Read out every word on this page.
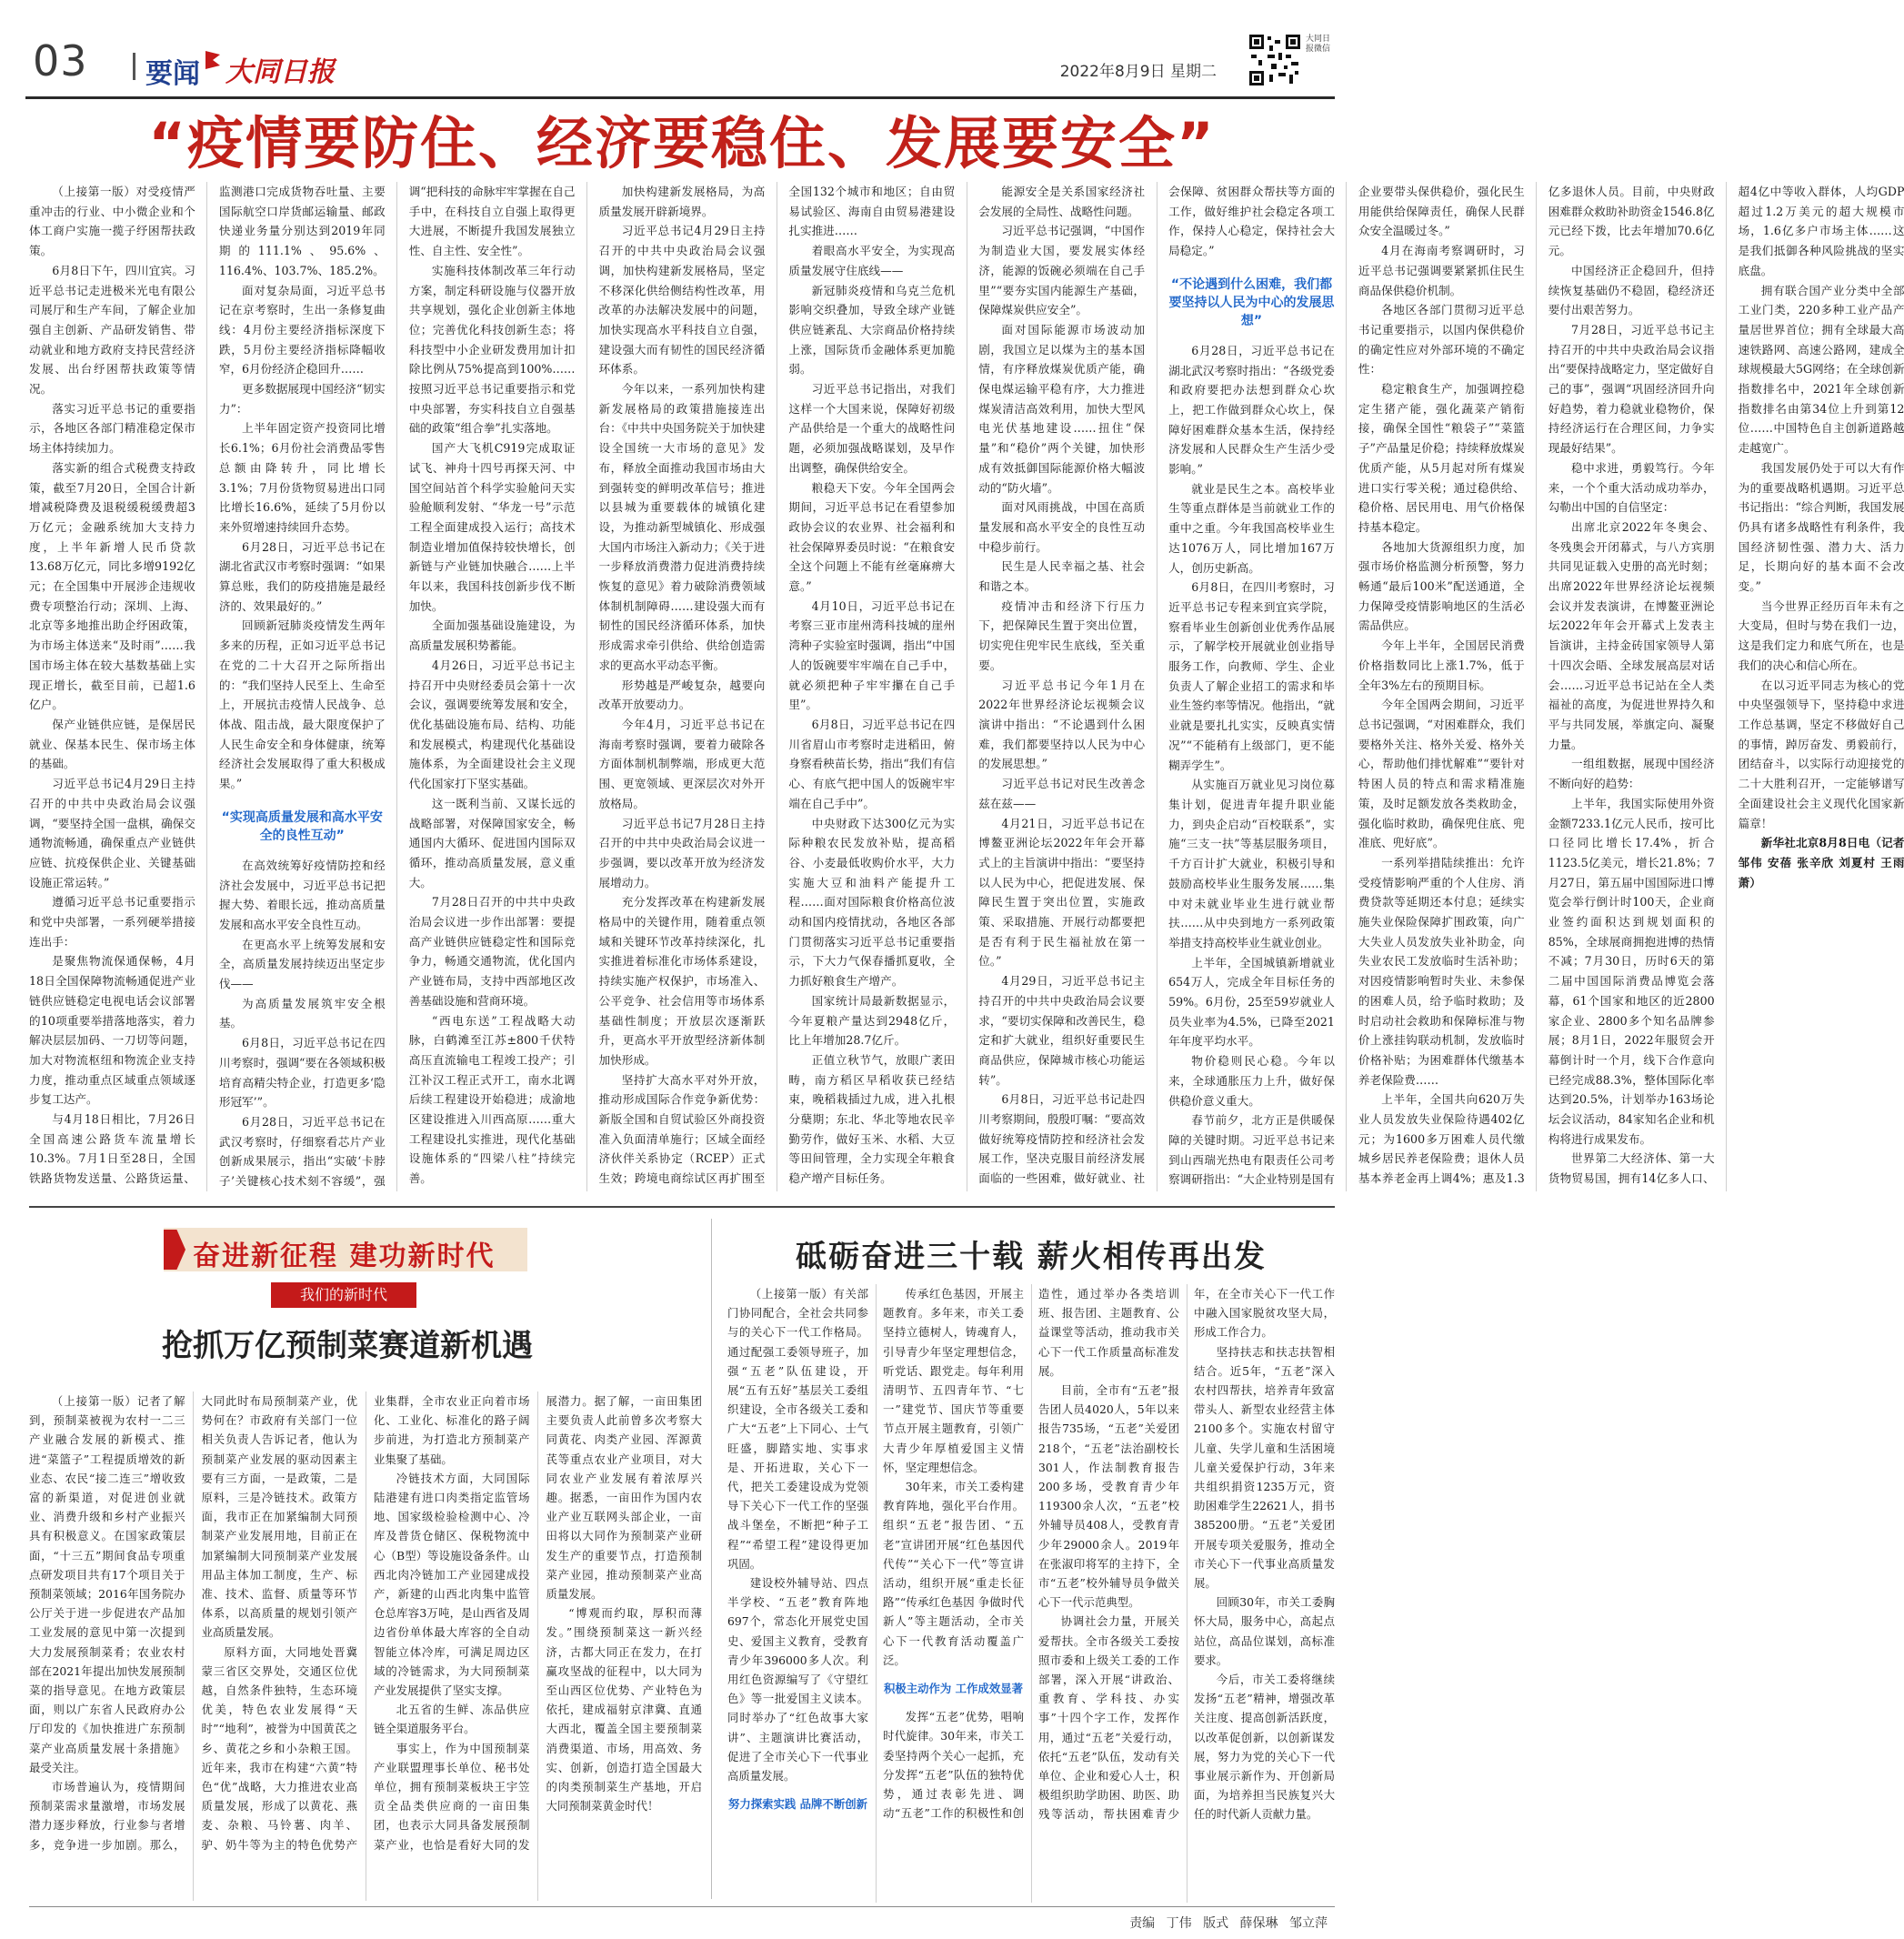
03 要闻 大同日报	2022年8月9日 星期二
大同日报微信
“疫情要防住、经济要稳住、发展要安全”

（上接第一版）对受疫情严重冲击的行业、中小微企业和个体工商户实施一揽子纾困帮扶政策。

6月8日下午，四川宜宾。习近平总书记走进极米光电有限公司展厅和生产车间，了解企业加强自主创新、产品研发销售、带动就业和地方政府支持民营经济发展、出台纾困帮扶政策等情况。

落实习近平总书记的重要指示，各地区各部门精准稳定保市场主体持续加力。

落实新的组合式税费支持政策，截至7月20日，全国合计新增减税降费及退税缓税缓费超3万亿元；金融系统加大支持力度，上半年新增人民币贷款13.68万亿元，同比多增9192亿元；在全国集中开展涉企违规收费专项整治行动；深圳、上海、北京等多地推出助企纾困政策，为市场主体送来“及时雨”……我国市场主体在较大基数基础上实现正增长，截至目前，已超1.6亿户。

保产业链供应链，是保居民就业、保基本民生、保市场主体的基础。

习近平总书记4月29日主持召开的中共中央政治局会议强调，“要坚持全国一盘棋，确保交通物流畅通，确保重点产业链供应链、抗疫保供企业、关键基础设施正常运转。”

遵循习近平总书记重要指示和党中央部署，一系列硬举措接连出手：

是聚焦物流保通保畅，4月18日全国保障物流畅通促进产业链供应链稳定电视电话会议部署的10项重要举措落地落实，着力解决层层加码、一刀切等问题，加大对物流枢纽和物流企业支持力度，推动重点区域重点领域逐步复工达产。

与4月18日相比，7月26日全国高速公路货车流量增长10.3%。7月1日至28日，全国铁路货物发送量、公路货运量、监测港口完成货物吞吐量、主要国际航空口岸货邮运输量、邮政快递业务量分别达到2019年同期的111.1%、95.6%、116.4%、103.7%、185.2%。

面对复杂局面，习近平总书记在京考察时，生出一条修复曲线：4月份主要经济指标深度下跌，5月份主要经济指标降幅收窄，6月份经济企稳回升……

更多数据展现中国经济“韧实力”：

上半年固定资产投资同比增长6.1%；6月份社会消费品零售总额由降转升，同比增长3.1%；7月份货物贸易进出口同比增长16.6%，延续了5月份以来外贸增速持续回升态势。

6月28日，习近平总书记在湖北省武汉市考察时强调：“如果算总账，我们的防疫措施是最经济的、效果最好的。”

回顾新冠肺炎疫情发生两年多来的历程，正如习近平总书记在党的二十大召开之际所指出的：“我们坚持人民至上、生命至上，开展抗击疫情人民战争、总体战、阻击战，最大限度保护了人民生命安全和身体健康，统筹经济社会发展取得了重大积极成果。”

“实现高质量发展和高水平安全的良性互动”

在高效统筹好疫情防控和经济社会发展中，习近平总书记把握大势、着眼长远，推动高质量发展和高水平安全良性互动。

在更高水平上统筹发展和安全，高质量发展持续迈出坚定步伐——

为高质量发展筑牢安全根基。

6月8日，习近平总书记在四川考察时，强调“要在各领域积极培育高精尖特企业，打造更多‘隐形冠军’”。

6月28日，习近平总书记在武汉考察时，仔细察看芯片产业创新成果展示，指出“实破‘卡脖子’关键核心技术刻不容缓”，强调“把科技的命脉牢牢掌握在自己手中，在科技自立自强上取得更大进展，不断提升我国发展独立性、自主性、安全性”。

实施科技体制改革三年行动方案，制定科研设施与仪器开放共享规划，强化企业创新主体地位；完善优化科技创新生态；将科技型中小企业研发费用加计扣除比例从75%提高到100%……按照习近平总书记重要指示和党中央部署，夯实科技自立自强基础的政策“组合拳”扎实落地。

国产大飞机C919完成取证试飞、神舟十四号再探天河、中国空间站首个科学实验舱问天实验舱顺利发射、“华龙一号”示范工程全面建成投入运行；高技术制造业增加值保持较快增长，创新链与产业链加快融合……上半年以来，我国科技创新步伐不断加快。

全面加强基础设施建设，为高质量发展积势蓄能。

4月26日，习近平总书记主持召开中央财经委员会第十一次会议，强调要统筹发展和安全，优化基础设施布局、结构、功能和发展模式，构建现代化基础设施体系，为全面建设社会主义现代化国家打下坚实基础。

这一既利当前、又谋长远的战略部署，对保障国家安全，畅通国内大循环、促进国内国际双循环，推动高质量发展，意义重大。

7月28日召开的中共中央政治局会议进一步作出部署：要提高产业链供应链稳定性和国际竞争力，畅通交通物流，优化国内产业链布局，支持中西部地区改善基础设施和营商环境。

“西电东送”工程战略大动脉，白鹤滩至江苏±800千伏特高压直流输电工程竣工投产；引江补汉工程正式开工，南水北调后续工程建设开始稳进；成渝地区建设推进入川西高原……重大工程建设扎实推进，现代化基础设施体系的“四梁八柱”持续完善。

加快构建新发展格局，为高质量发展开辟新境界。

习近平总书记4月29日主持召开的中共中央政治局会议强调，加快构建新发展格局，坚定不移深化供给侧结构性改革，用改革的办法解决发展中的问题，加快实现高水平科技自立自强，建设强大而有韧性的国民经济循环体系。

今年以来，一系列加快构建新发展格局的政策措施接连出台：《中共中央国务院关于加快建设全国统一大市场的意见》发布，释放全面推动我国市场由大到强转变的鲜明改革信号；推进以县城为重要载体的城镇化建设，为推动新型城镇化、形成强大国内市场注入新动力；《关于进一步释放消费潜力促进消费持续恢复的意见》着力破除消费领域体制机制障碍……建设强大而有韧性的国民经济循环体系，加快形成需求牵引供给、供给创造需求的更高水平动态平衡。

形势越是严峻复杂，越要向改革开放要动力。

今年4月，习近平总书记在海南考察时强调，要着力破除各方面体制机制弊端，形成更大范围、更宽领域、更深层次对外开放格局。

习近平总书记7月28日主持召开的中共中央政治局会议进一步强调，要以改革开放为经济发展增动力。

充分发挥改革在构建新发展格局中的关键作用，随着重点领域和关键环节改革持续深化，扎实推进着标准化市场体系建设，持续实施产权保护，市场准入、公平竞争、社会信用等市场体系基础性制度；开放层次逐渐跃升，更高水平开放型经济新体制加快形成。

坚持扩大高水平对外开放，推动形成国际合作竞争新优势：新版全国和自贸试验区外商投资准入负面清单施行；区域全面经济伙伴关系协定（RCEP）正式生效；跨境电商综试区再扩围至全国132个城市和地区；自由贸易试验区、海南自由贸易港建设扎实推进……

着眼高水平安全，为实现高质量发展守住底线——

新冠肺炎疫情和乌克兰危机影响交织叠加，导致全球产业链供应链紊乱、大宗商品价格持续上涨，国际货币金融体系更加脆弱。

习近平总书记指出，对我们这样一个大国来说，保障好初级产品供给是一个重大的战略性问题，必须加强战略谋划，及早作出调整，确保供给安全。

粮稳天下安。今年全国两会期间，习近平总书记在看望参加政协会议的农业界、社会福利和社会保障界委员时说：“在粮食安全这个问题上不能有丝毫麻痹大意。”

4月10日，习近平总书记在考察三亚市崖州湾科技城的崖州湾种子实验室时强调，指出“中国人的饭碗要牢牢端在自己手中，就必须把种子牢牢攥在自己手里”。

6月8日，习近平总书记在四川省眉山市考察时走进稻田，俯身察看秧苗长势，指出“我们有信心、有底气把中国人的饭碗牢牢端在自己手中”。

中央财政下达300亿元为实际种粮农民发放补贴，提高稻谷、小麦最低收购价水平，大力实施大豆和油料产能提升工程……面对国际粮食价格高位波动和国内疫情扰动，各地区各部门贯彻落实习近平总书记重要指示，下大力气保春播抓夏收，全力抓好粮食生产增产。

国家统计局最新数据显示，今年夏粮产量达到2948亿斤，比上年增加28.7亿斤。

正值立秋节气，放眼广袤田畴，南方稻区早稻收获已经结束，晚稻栽插过九成，进入扎根分蘖期；东北、华北等地农民辛勤劳作，做好玉米、水稻、大豆等田间管理，全力实现全年粮食稳产增产目标任务。

能源安全是关系国家经济社会发展的全局性、战略性问题。

习近平总书记强调，“中国作为制造业大国，要发展实体经济，能源的饭碗必须端在自己手里”“要夯实国内能源生产基础，保障煤炭供应安全”。

面对国际能源市场波动加剧，我国立足以煤为主的基本国情，有序释放煤炭优质产能，确保电煤运输平稳有序，大力推进煤炭清洁高效利用，加快大型风电光伏基地建设……扭住“保量”和“稳价”两个关键，加快形成有效抵御国际能源价格大幅波动的“防火墙”。

面对风雨挑战，中国在高质量发展和高水平安全的良性互动中稳步前行。

民生是人民幸福之基、社会和谐之本。

疫情冲击和经济下行压力下，把保障民生置于突出位置，切实兜住兜牢民生底线，至关重要。

习近平总书记今年1月在2022年世界经济论坛视频会议演讲中指出：“不论遇到什么困难，我们都要坚持以人民为中心的发展思想。”

习近平总书记对民生改善念兹在兹——

4月21日，习近平总书记在博鳌亚洲论坛2022年年会开幕式上的主旨演讲中指出：“要坚持以人民为中心，把促进发展、保障民生置于突出位置，实施政策、采取措施、开展行动都要把是否有利于民生福祉放在第一位。”

4月29日，习近平总书记主持召开的中共中央政治局会议要求，“要切实保障和改善民生，稳定和扩大就业，组织好重要民生商品供应，保障城市核心功能运转”。

6月8日，习近平总书记赴四川考察期间，殷殷叮嘱：“要高效做好统筹疫情防控和经济社会发展工作，坚决克服目前经济发展面临的一些困难，做好就业、社会保障、贫困群众帮扶等方面的工作，做好维护社会稳定各项工作，保持人心稳定，保持社会大局稳定。”

“不论遇到什么困难，我们都要坚持以人民为中心的发展思想”

6月28日，习近平总书记在湖北武汉考察时指出：“各级党委和政府要把办法想到群众心坎上，把工作做到群众心坎上，保障好困难群众基本生活，保持经济发展和人民群众生产生活少受影响。”

就业是民生之本。高校毕业生等重点群体是当前就业工作的重中之重。今年我国高校毕业生达1076万人，同比增加167万人，创历史新高。

6月8日，在四川考察时，习近平总书记专程来到宜宾学院，察看毕业生创新创业优秀作品展示，了解学校开展就业创业指导服务工作，向教师、学生、企业负责人了解企业招工的需求和毕业生签约率等情况。他指出，“就业就是要扎扎实实，反映真实情况”“不能稍有上级部门，更不能糊弄学生”。

从实施百万就业见习岗位募集计划，促进青年提升职业能力，到央企启动“百校联系”，实施“三支一扶”等基层服务项目，千方百计扩大就业，积极引导和鼓励高校毕业生服务发展……集中对未就业毕业生进行就业帮扶……从中央到地方一系列政策举措支持高校毕业生就业创业。

上半年，全国城镇新增就业654万人，完成全年目标任务的59%。6月份，25至59岁就业人员失业率为4.5%，已降至2021年年度平均水平。

物价稳则民心稳。今年以来，全球通胀压力上升，做好保供稳价意义重大。

春节前夕，北方正是供暖保障的关键时期。习近平总书记来到山西瑞光热电有限责任公司考察调研指出：“大企业特别是国有企业要带头保供稳价，强化民生用能供给保障责任，确保人民群众安全温暖过冬。”

4月在海南考察调研时，习近平总书记强调要紧紧抓住民生商品保供稳价机制。

各地区各部门贯彻习近平总书记重要指示，以国内保供稳价的确定性应对外部环境的不确定性：

稳定粮食生产，加强调控稳定生猪产能，强化蔬菜产销衔接，确保全国性“粮袋子”“菜篮子”产品量足价稳；持续释放煤炭优质产能，从5月起对所有煤炭进口实行零关税；通过稳供给、稳价格、居民用电、用气价格保持基本稳定。

各地加大货源组织力度，加强市场价格监测分析预警，努力畅通“最后100米”配送通道，全力保障受疫情影响地区的生活必需品供应。

今年上半年，全国居民消费价格指数同比上涨1.7%，低于全年3%左右的预期目标。

今年全国两会期间，习近平总书记强调，“对困难群众，我们要格外关注、格外关爱、格外关心，帮助他们排忧解难”“要针对特困人员的特点和需求精准施策，及时足额发放各类救助金，强化临时救助，确保兜住底、兜准底、兜好底”。

一系列举措陆续推出：允许受疫情影响严重的个人住房、消费贷款等延期还本付息；延续实施失业保险保障扩围政策，向广大失业人员发放失业补助金，向失业农民工发放临时生活补助；对因疫情影响暂时失业、未参保的困难人员，给予临时救助；及时启动社会救助和保障标准与物价上涨挂钩联动机制，发放临时价格补贴；为困难群体代缴基本养老保险费……

上半年，全国共向620万失业人员发放失业保险待遇402亿元；为1600多万困难人员代缴城乡居民养老保险费；退休人员基本养老金再上调4%；惠及1.3亿多退休人员。目前，中央财政困难群众救助补助资金1546.8亿元已经下拨，比去年增加70.6亿元。

中国经济正企稳回升，但持续恢复基础仍不稳固，稳经济还要付出艰苦努力。

7月28日，习近平总书记主持召开的中共中央政治局会议指出“要保持战略定力，坚定做好自己的事”，强调“巩固经济回升向好趋势，着力稳就业稳物价，保持经济运行在合理区间，力争实现最好结果”。

稳中求进，勇毅笃行。今年来，一个个重大活动成功举办，勾勒出中国的自信坚定：

出席北京2022年冬奥会、冬残奥会开闭幕式，与八方宾朋共同见证载入史册的高光时刻；出席2022年世界经济论坛视频会议并发表演讲，在博鳌亚洲论坛2022年年会开幕式上发表主旨演讲，主持金砖国家领导人第十四次会晤、全球发展高层对话会……习近平总书记站在全人类福祉的高度，为促进世界持久和平与共同发展，举旗定向、凝聚力量。

一组组数据，展现中国经济不断向好的趋势：

上半年，我国实际使用外资金额7233.1亿元人民币，按可比口径同比增长17.4%，折合1123.5亿美元，增长21.8%；7月27日，第五届中国国际进口博览会举行倒计时100天，企业商业签约面积达到规划面积的85%，全球展商拥抱进博的热情不减；7月30日，历时6天的第二届中国国际消费品博览会落幕，61个国家和地区的近2800家企业、2800多个知名品牌参展；8月1日，2022年服贸会开幕倒计时一个月，线下合作意向已经完成88.3%，整体国际化率达到20.5%，计划举办163场论坛会议活动，84家知名企业和机构将进行成果发布。

世界第二大经济体、第一大货物贸易国，拥有14亿多人口、超4亿中等收入群体，人均GDP超过1.2万美元的超大规模市场，1.6亿多户市场主体……这是我们抵御各种风险挑战的坚实底盘。

拥有联合国产业分类中全部工业门类，220多种工业产品产量居世界首位；拥有全球最大高速铁路网、高速公路网，建成全球规模最大5G网络；在全球创新指数排名中，2021年全球创新指数排名由第34位上升到第12位……中国特色自主创新道路越走越宽广。

我国发展仍处于可以大有作为的重要战略机遇期。习近平总书记指出：“综合判断，我国发展仍具有诸多战略性有利条件，我国经济韧性强、潜力大、活力足，长期向好的基本面不会改变。”

当今世界正经历百年未有之大变局，但时与势在我们一边，这是我们定力和底气所在，也是我们的决心和信心所在。

在以习近平同志为核心的党中央坚强领导下，坚持稳中求进工作总基调，坚定不移做好自己的事情，踔厉奋发、勇毅前行，团结奋斗，以实际行动迎接党的二十大胜利召开，一定能够谱写全面建设社会主义现代化国家新篇章！

新华社北京8月8日电（记者邹伟 安蓓 张辛欣 刘夏村 王雨萧）

奋进新征程 建功新时代
我们的新时代
抢抓万亿预制菜赛道新机遇

（上接第一版）记者了解到，预制菜被视为农村一二三产业融合发展的新模式、推进“菜篮子”工程提质增效的新业态、农民“接二连三”增收致富的新渠道，对促进创业就业、消费升级和乡村产业振兴具有积极意义。在国家政策层面，“十三五”期间食品专项重点研发项目共有17个项目关于预制菜领域；2016年国务院办公厅关于进一步促进农产品加工业发展的意见中第一次提到大力发展预制菜肴；农业农村部在2021年提出加快发展预制菜的指导意见。在地方政策层面，则以广东省人民政府办公厅印发的《加快推进广东预制菜产业高质量发展十条措施》最受关注。

市场普遍认为，疫情期间预制菜需求量激增，市场发展潜力逐步释放，行业参与者增多，竞争进一步加剧。那么，大同此时布局预制菜产业，优势何在？市政府有关部门一位相关负责人告诉记者，他认为预制菜产业发展的驱动因素主要有三方面，一是政策，二是原料，三是冷链技术。政策方面，我市正在加紧编制大同预制菜产业发展用地，目前正在加紧编制大同预制菜产业发展用品主体加工制度，生产、标准、技术、监督、质量等环节体系，以高质量的规划引领产业高质量发展。

原料方面，大同地处晋冀蒙三省区交界处，交通区位优越，自然条件独特，生态环境优美，特色农业发展得“天时”“地利”，被誉为中国黄芪之乡、黄花之乡和小杂粮王国。近年来，我市在构建“六黄”特色“优”战略，大力推进农业高质量发展，形成了以黄花、燕麦、杂粮、马铃薯、肉羊、驴、奶牛等为主的特色优势产业集群，全市农业正向着市场化、工业化、标准化的路子阔步前进，为打造北方预制菜产业集聚了基础。

冷链技术方面，大同国际陆港建有进口肉类指定监管场地、国家级检验检测中心、冷库及普货仓储区、保税物流中心（B型）等设施设备条件。山西北肉冷链加工产业园建成投产，新建的山西北肉集中监管仓总库容3万吨，是山西省及周边省份单体最大库容的全自动智能立体冷库，可满足周边区域的冷链需求，为大同预制菜产业发展提供了坚实支撑。

北五省的生鲜、冻品供应链全渠道服务平台。

事实上，作为中国预制菜产业联盟理事长单位、秘书处单位，拥有预制菜板块王宇笠贡全品类供应商的一亩田集团，也表示大同具备发展预制菜产业，也恰是看好大同的发展潜力。据了解，一亩田集团主要负责人此前曾多次考察大同黄花、肉类产业园、浑源黄芪等重点农业产业项目，对大同农业产业发展有着浓厚兴趣。据悉，一亩田作为国内农业产业互联网头部企业，一亩田将以大同作为预制菜产业研发生产的重要节点，打造预制菜产业园，推动预制菜产业高质量发展。

“博观而约取，厚积而薄发。”围绕预制菜这一新兴经济，古都大同正在发力，在打赢攻坚战的征程中，以大同为至山西区位优势、产业特色为依托，建成福射京津冀、直通大西北，覆盖全国主要预制菜消费渠道、市场，用高效、务实、创新，创造打造全国最大的肉类预制菜生产基地，开启大同预制菜黄金时代！

砥砺奋进三十载 薪火相传再出发

（上接第一版）有关部门协同配合，全社会共同参与的关心下一代工作格局。通过配强工委领导班子，加强“五老”队伍建设，开展“五有五好”基层关工委组织建设，全市各级关工委和广大“五老”上下同心、士气旺盛，脚踏实地、实事求是、开拓进取，关心下一代，把关工委建设成为党领导下关心下一代工作的坚强战斗堡垒，不断把“种子工程”“希望工程”建设得更加巩固。

建设校外辅导站、四点半学校、“五老”教育阵地697个，常态化开展党史国史、爱国主义教育，受教育青少年396000多人次。利用红色资源编写了《守望红色》等一批爱国主义读本。同时举办了“红色故事大家讲”、主题演讲比赛活动，促进了全市关心下一代事业高质量发展。

努力探索实践 品牌不断创新

传承红色基因，开展主题教育。多年来，市关工委坚持立德树人，铸魂育人，引导青少年坚定理想信念，听党话、跟党走。每年利用清明节、五四青年节、“七一”建党节、国庆节等重要节点开展主题教育，引领广大青少年厚植爱国主义情怀，坚定理想信念。

30年来，市关工委构建教育阵地，强化平台作用。组织“五老”报告团、“五老”宣讲团开展“红色基因代代传”“关心下一代”等宣讲活动，组织开展“重走长征路”“传承红色基因 争做时代新人”等主题活动，全市关心下一代教育活动覆盖广泛。

积极主动作为 工作成效显著

发挥“五老”优势，唱响时代旋律。30年来，市关工委坚持两个关心一起抓，充分发挥“五老”队伍的独特优势，通过表彰先进、调动“五老”工作的积极性和创造性，通过举办各类培训班、报告团、主题教育、公益课堂等活动，推动我市关心下一代工作质量高标准发展。

目前，全市有“五老”报告团人员4020人，5年以来报告735场，“五老”关爱团218个，“五老”法治副校长301人，作法制教育报告200多场，受教育青少年119300余人次，“五老”校外辅导员408人，受教育青少年29000余人。2019年在张淑印将军的主持下，全市“五老”校外辅导员争做关心下一代示范典型。

协调社会力量，开展关爱帮扶。全市各级关工委按照市委和上级关工委的工作部署，深入开展“讲政治、重教育、学科技、办实事”十四个字工作，发挥作用，通过“五老”关爱行动，依托“五老”队伍，发动有关单位、企业和爱心人士，积极组织助学助困、助医、助残等活动，帮扶困难青少年，在全市关心下一代工作中融入国家脱贫攻坚大局，形成工作合力。

坚持扶志和扶志扶智相结合。近5年，“五老”深入农村四帮扶，培养青年致富带头人、新型农业经营主体2100多个。实施农村留守儿童、失学儿童和生活困境儿童关爱保护行动，3年来共组织捐资1235万元，资助困难学生22621人，捐书385200册。“五老”关爱团开展专项关爱服务，推动全市关心下一代事业高质量发展。

回顾30年，市关工委胸怀大局，服务中心，高起点站位，高品位谋划，高标准要求。

今后，市关工委将继续发扬“五老”精神，增强改革关注度、提高创新活跃度，以改革促创新，以创新谋发展，努力为党的关心下一代事业展示新作为、开创新局面，为培养担当民族复兴大任的时代新人贡献力量。

责编 丁伟 版式 薛保琳 邹立萍
